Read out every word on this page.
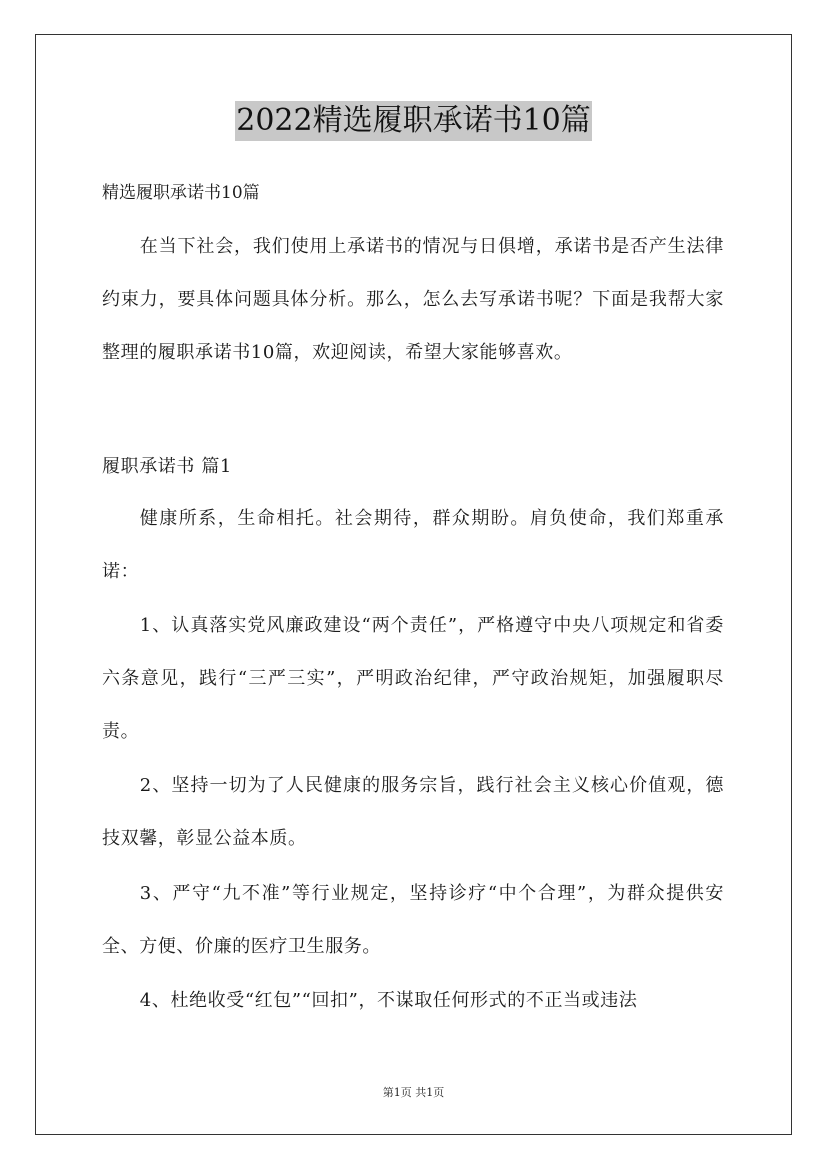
2022精选履职承诺书10篇
精选履职承诺书10篇

在当下社会，我们使用上承诺书的情况与日俱增，承诺书是否产生法律约束力，要具体问题具体分析。那么，怎么去写承诺书呢？下面是我帮大家整理的履职承诺书10篇，欢迎阅读，希望大家能够喜欢。

履职承诺书 篇1

健康所系，生命相托。社会期待，群众期盼。肩负使命，我们郑重承诺：

1、认真落实党风廉政建设“两个责任”，严格遵守中央八项规定和省委六条意见，践行“三严三实”，严明政治纪律，严守政治规矩，加强履职尽责。

2、坚持一切为了人民健康的服务宗旨，践行社会主义核心价值观，德技双馨，彰显公益本质。

3、严守“九不准”等行业规定，坚持诊疗“中个合理”，为群众提供安全、方便、价廉的医疗卫生服务。

4、杜绝收受“红包”“回扣”，不谋取任何形式的不正当或违法

第1页 共1页
